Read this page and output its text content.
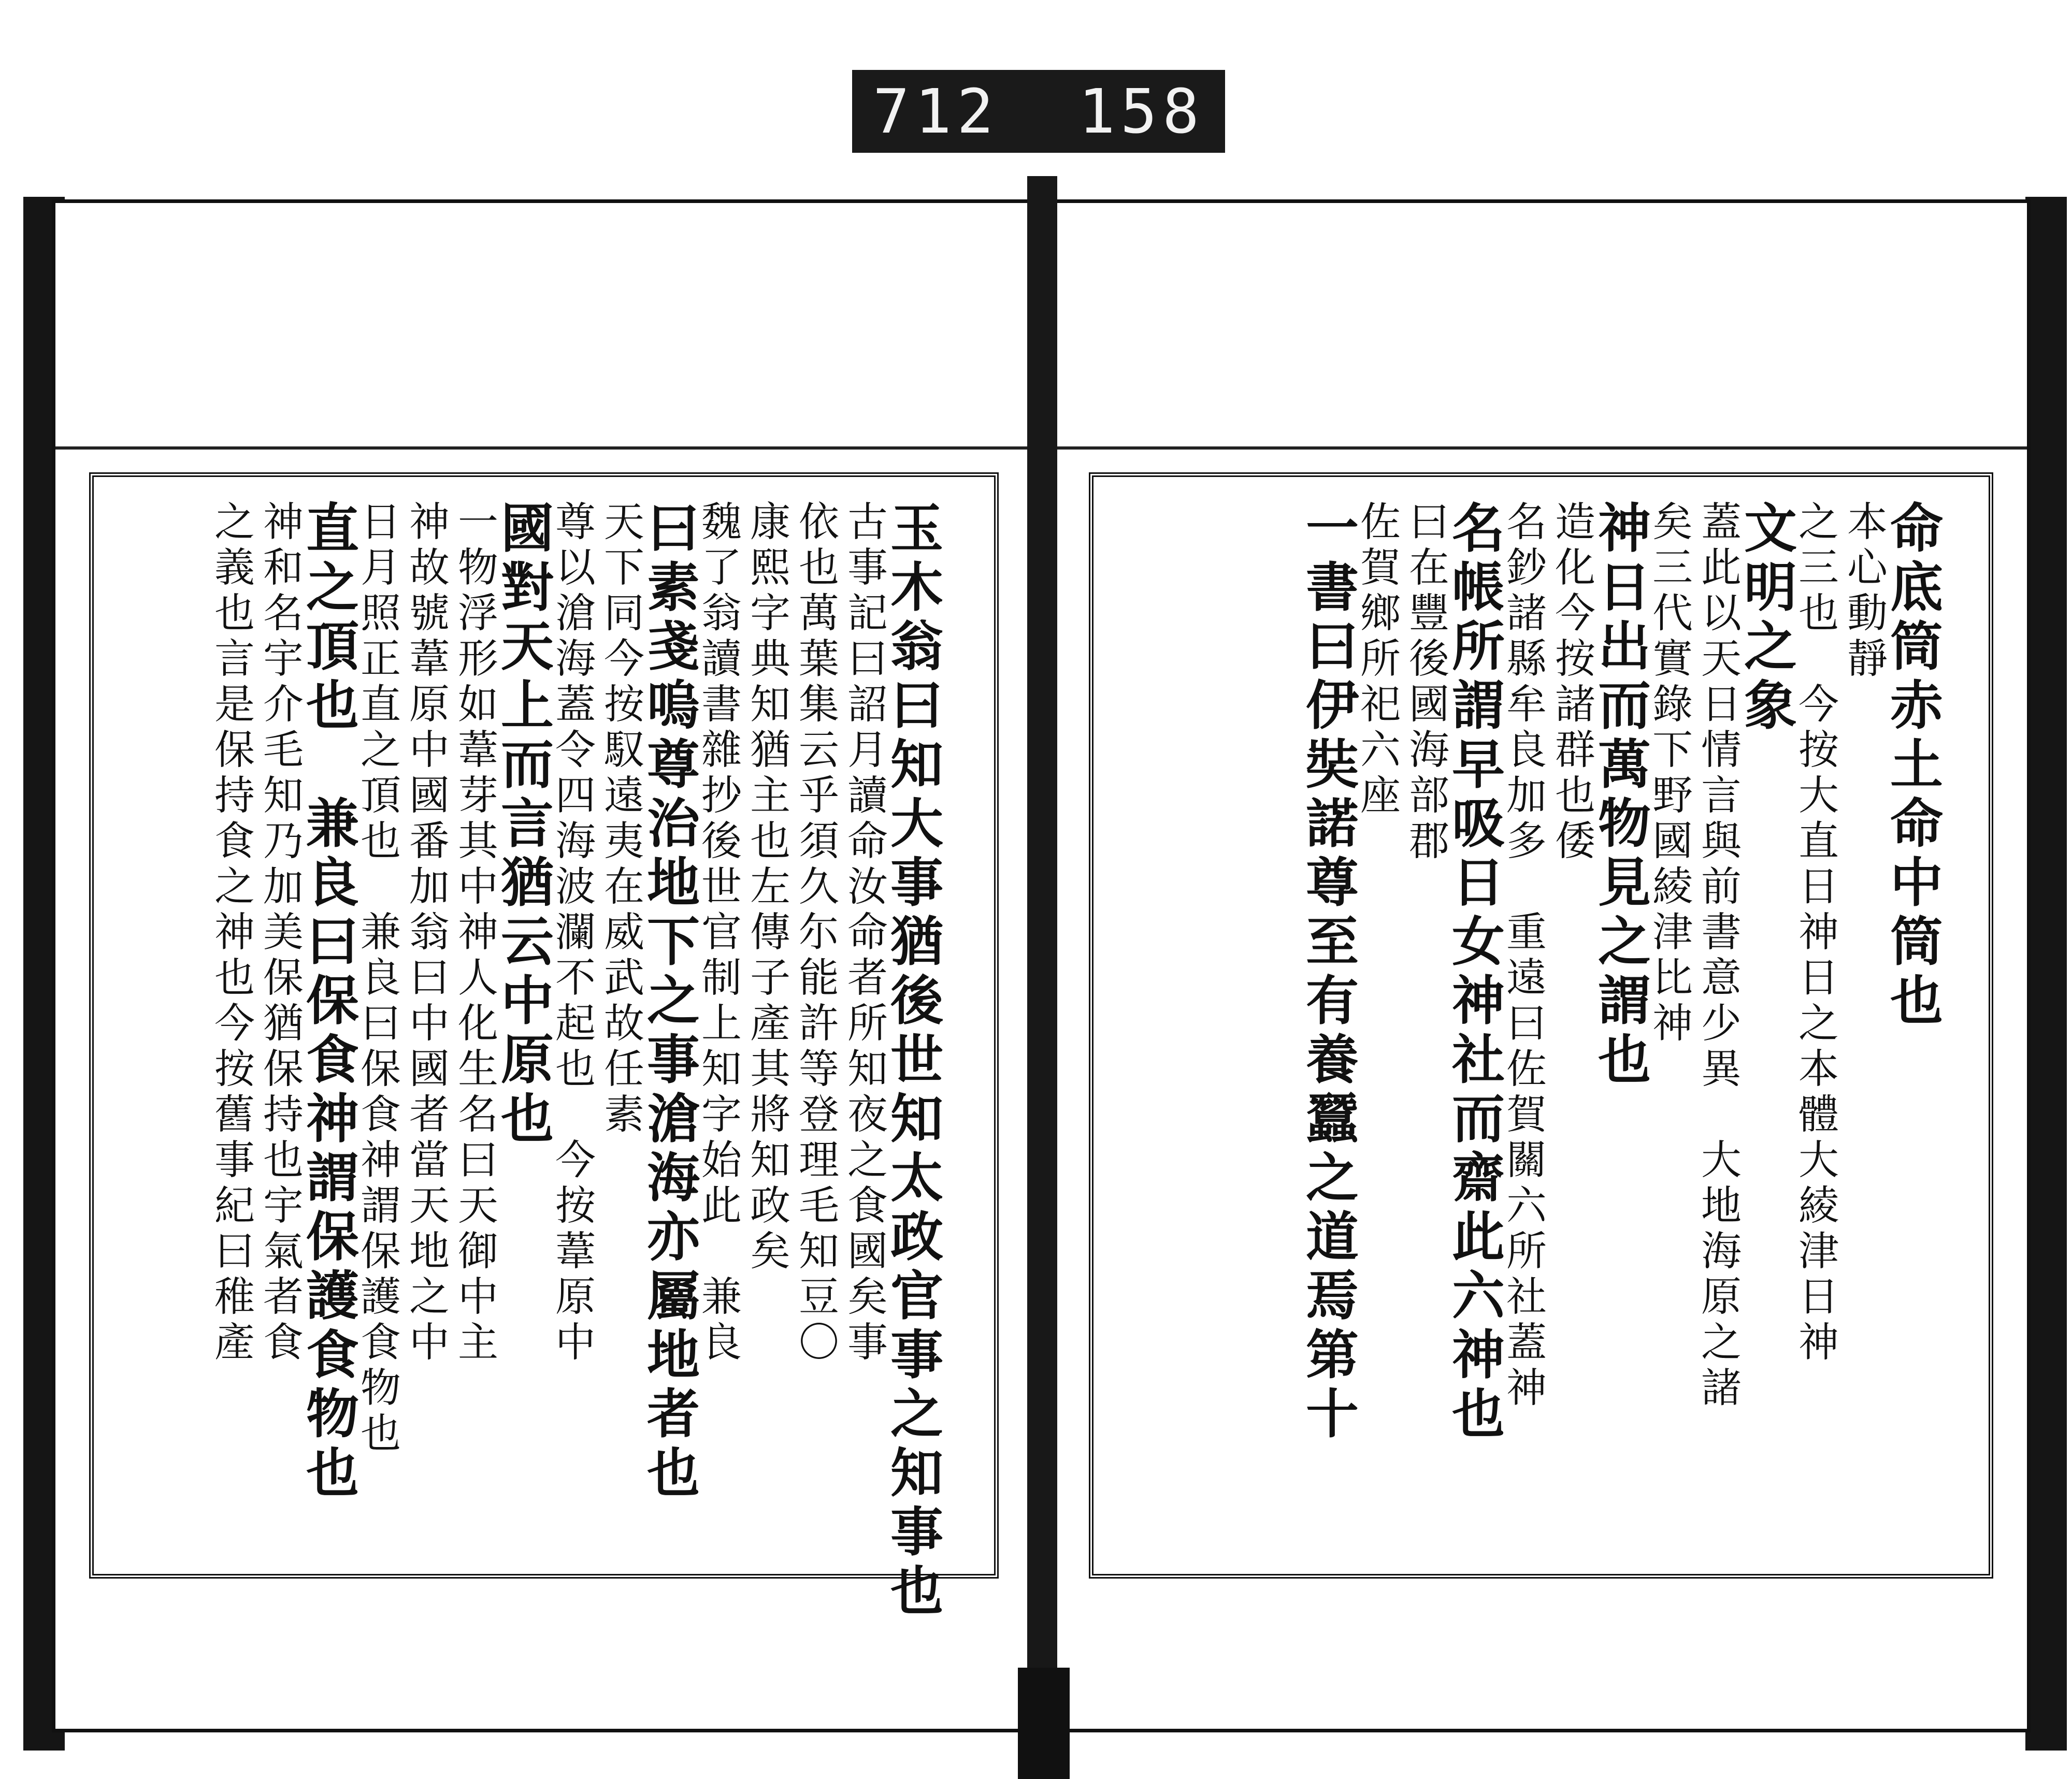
712 158
玉木翁曰知大事猶後世知太政官事之知事也
古事記曰詔月讀命汝命者所知夜之食國矣事
依也萬葉集云乎須久尓能許等登理毛知豆〇
康熙字典知猶主也左傳子產其將知政矣
魏了翁讀書雜抄後世官制上知字始此　兼良
曰素戔嗚尊治地下之事滄海亦屬地者也
天下同今按馭遠夷在威武故任素
尊以滄海蓋令四海波瀾不起也　今按葦原中
國對天上而言猶云中原也
一物浮形如葦芽其中神人化生名曰天御中主
神故號葦原中國番加翁曰中國者當天地之中
日月照正直之頂也　兼良曰保食神謂保護食物也
直之頂也　兼良曰保食神謂保護食物也
神和名宇介毛知乃加美保猶保持也宇氣者食
之義也言是保持食之神也今按舊事紀曰稚產	命底筒赤土命中筒也
本心動靜
之三也　今按大直日神日之本體大綾津日神
文明之象
蓋此以天日情言與前書意少異　大地海原之諸
矣三代實錄下野國綾津比神
神日出而萬物見之謂也
造化今按諸群也倭
名鈔諸縣牟良加多　重遠曰佐賀關六所社蓋神
名帳所謂早吸日女神社而齋此六神也
曰在豐後國海部郡
佐賀鄉所祀六座
一書曰伊奘諾尊至有養蠶之道焉第十
